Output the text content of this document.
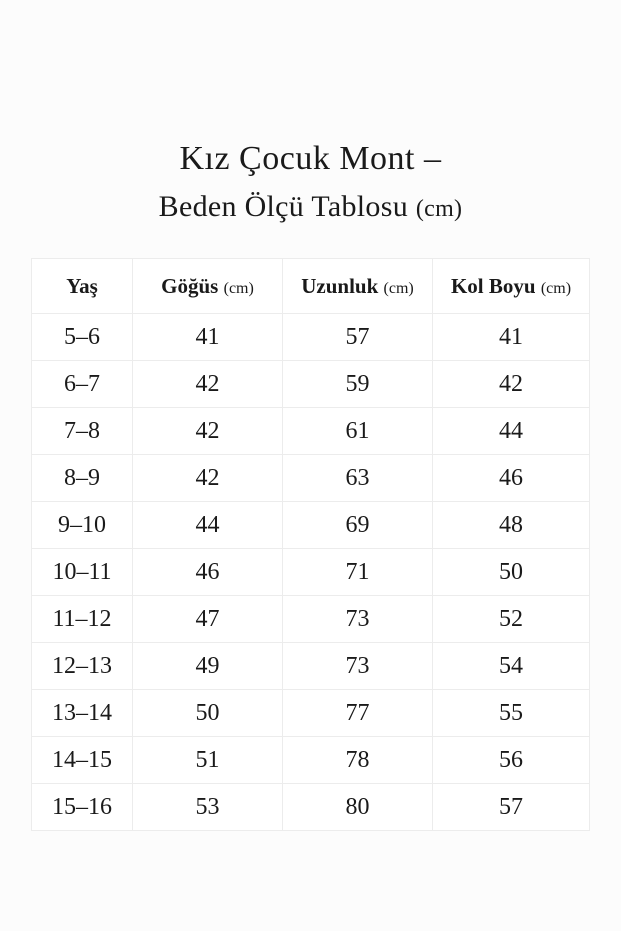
Kız Çocuk Mont –
Beden Ölçü Tablosu (cm)
Yaş	Göğüs (cm)	Uzunluk (cm)	Kol Boyu (cm)
5–6	41	57	41
6–7	42	59	42
7–8	42	61	44
8–9	42	63	46
9–10	44	69	48
10–11	46	71	50
11–12	47	73	52
12–13	49	73	54
13–14	50	77	55
14–15	51	78	56
15–16	53	80	57
